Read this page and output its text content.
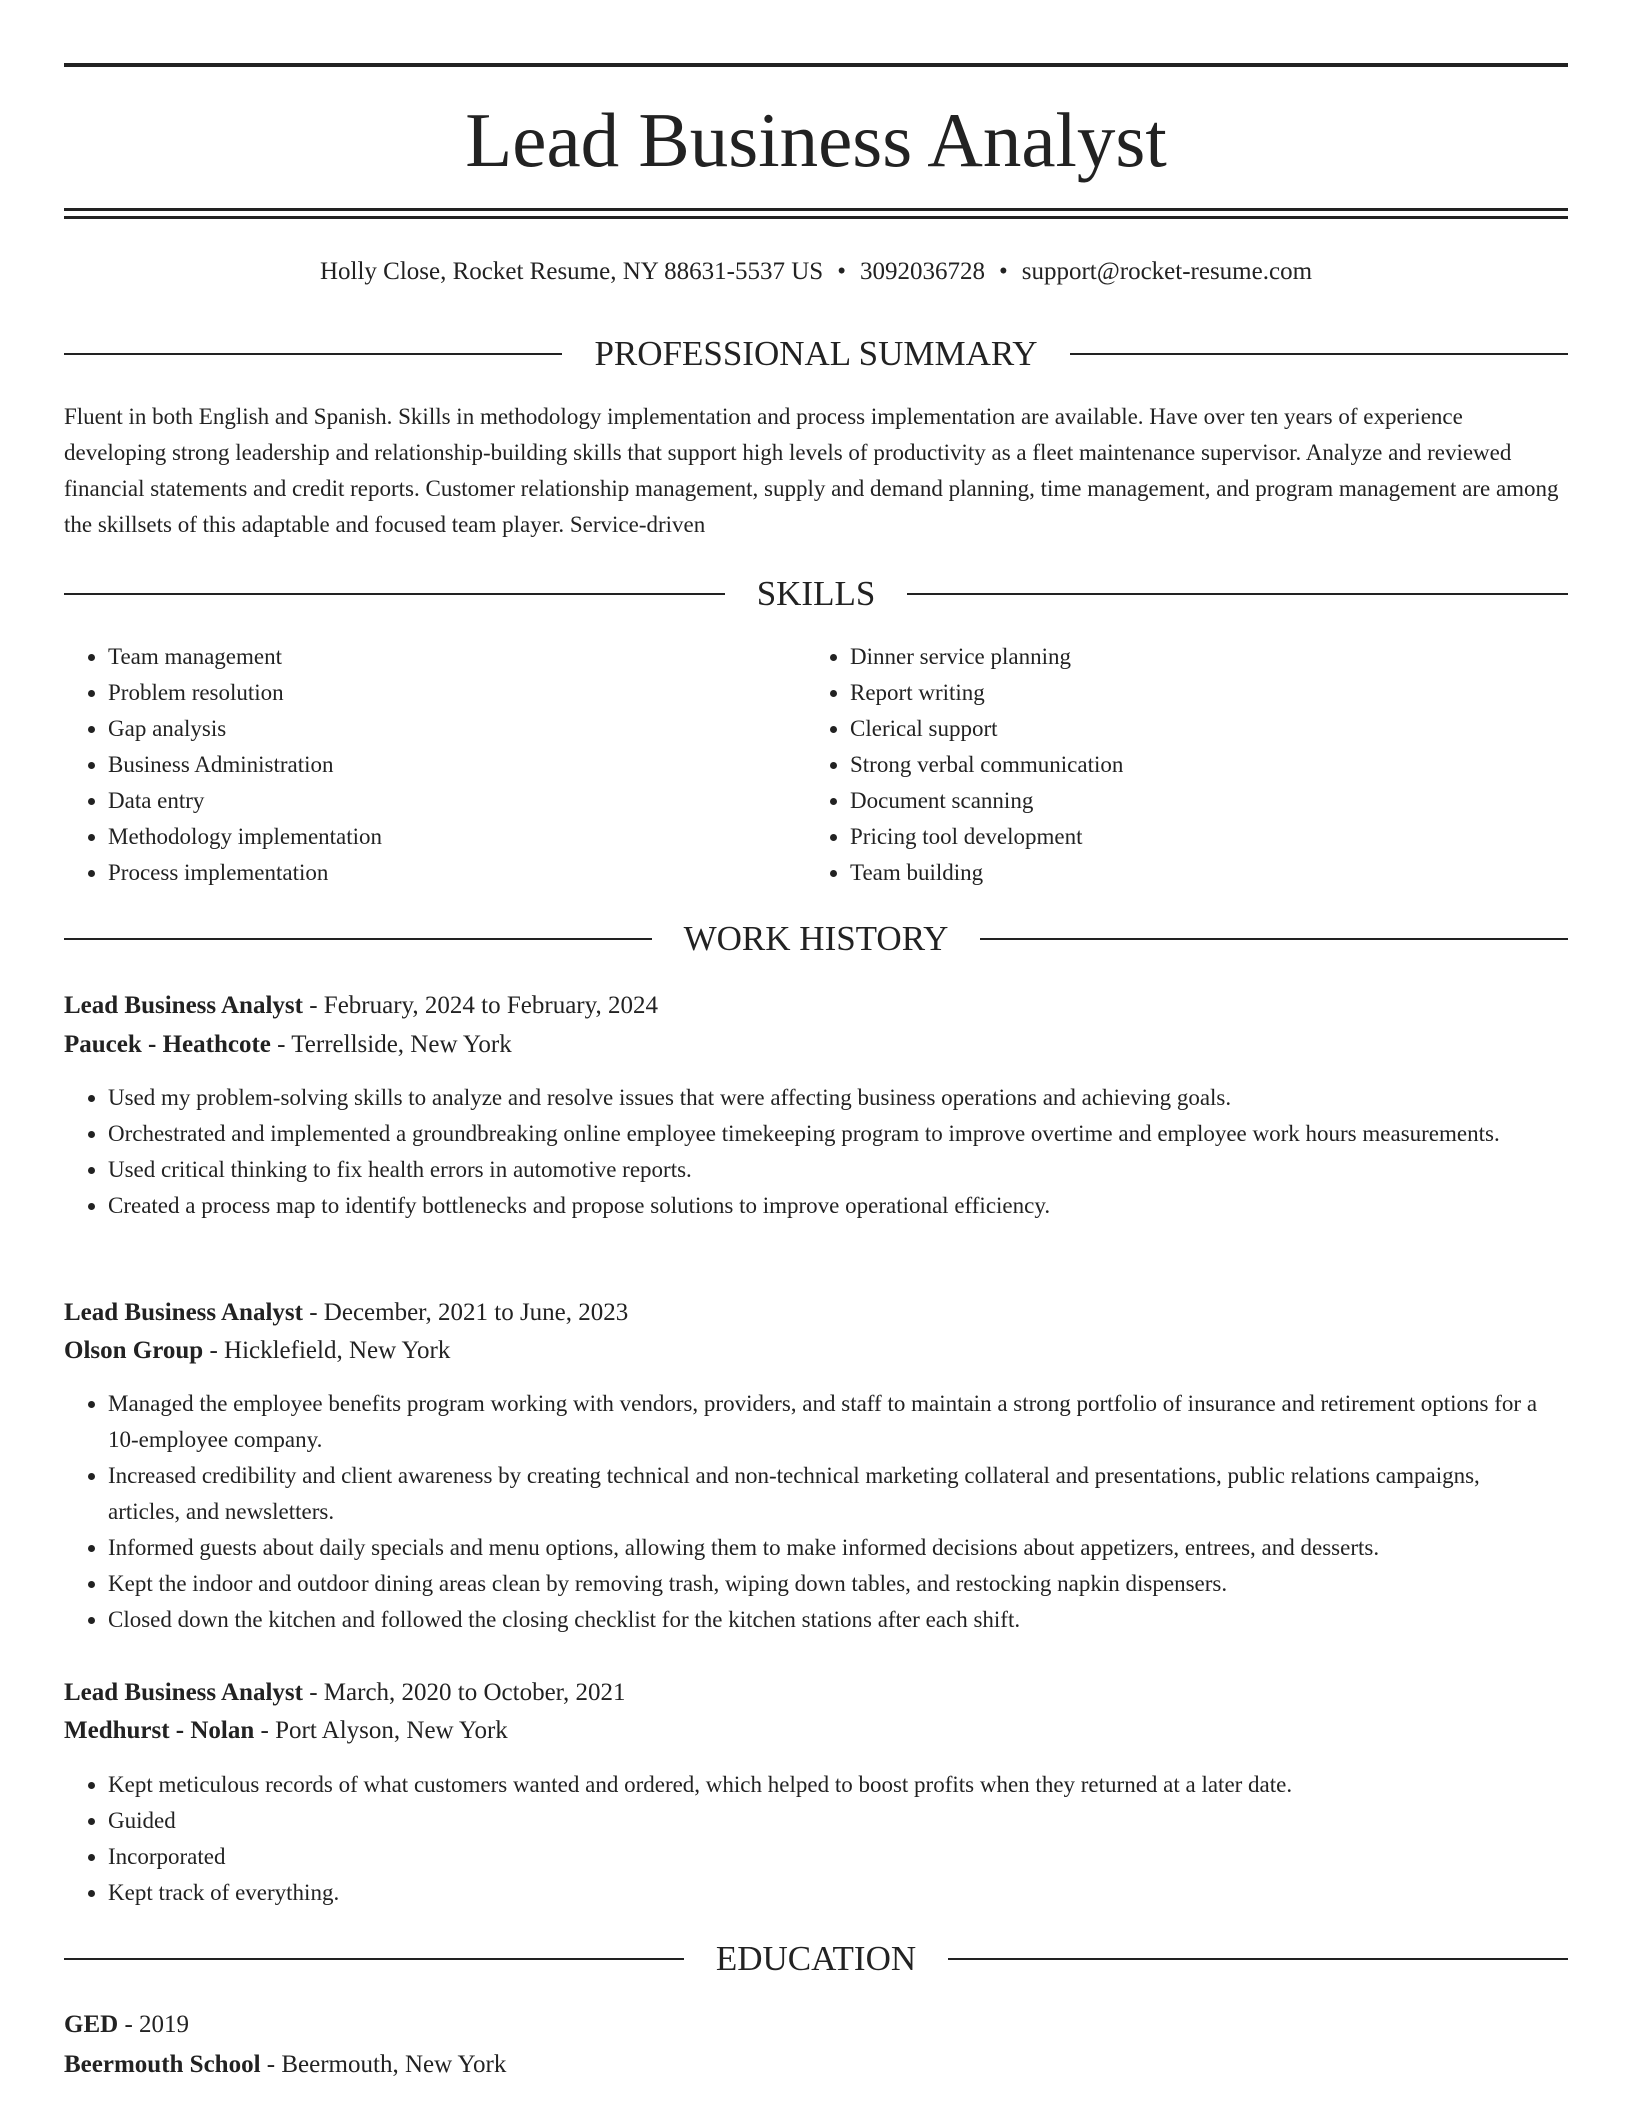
Lead Business Analyst
Holly Close, Rocket Resume, NY 88631-5537 US • 3092036728 • support@rocket-resume.com
PROFESSIONAL SUMMARY

Fluent in both English and Spanish. Skills in methodology implementation and process implementation are available. Have over ten years of experience developing strong leadership and relationship-building skills that support high levels of productivity as a fleet maintenance supervisor. Analyze and reviewed financial statements and credit reports. Customer relationship management, supply and demand planning, time management, and program management are among the skillsets of this adaptable and focused team player. Service-driven

SKILLS
• Team management
• Problem resolution
• Gap analysis
• Business Administration
• Data entry
• Methodology implementation
• Process implementation
• Dinner service planning
• Report writing
• Clerical support
• Strong verbal communication
• Document scanning
• Pricing tool development
• Team building
WORK HISTORY
Lead Business Analyst - February, 2024 to February, 2024
Paucek - Heathcote - Terrellside, New York
• Used my problem-solving skills to analyze and resolve issues that were affecting business operations and achieving goals.
• Orchestrated and implemented a groundbreaking online employee timekeeping program to improve overtime and employee work hours measurements.
• Used critical thinking to fix health errors in automotive reports.
• Created a process map to identify bottlenecks and propose solutions to improve operational efficiency.
Lead Business Analyst - December, 2021 to June, 2023
Olson Group - Hicklefield, New York
• Managed the employee benefits program working with vendors, providers, and staff to maintain a strong portfolio of insurance and retirement options for a 10-employee company.
• Increased credibility and client awareness by creating technical and non-technical marketing collateral and presentations, public relations campaigns, articles, and newsletters.
• Informed guests about daily specials and menu options, allowing them to make informed decisions about appetizers, entrees, and desserts.
• Kept the indoor and outdoor dining areas clean by removing trash, wiping down tables, and restocking napkin dispensers.
• Closed down the kitchen and followed the closing checklist for the kitchen stations after each shift.
Lead Business Analyst - March, 2020 to October, 2021
Medhurst - Nolan - Port Alyson, New York
• Kept meticulous records of what customers wanted and ordered, which helped to boost profits when they returned at a later date.
• Guided
• Incorporated
• Kept track of everything.
EDUCATION
GED - 2019
Beermouth School - Beermouth, New York
